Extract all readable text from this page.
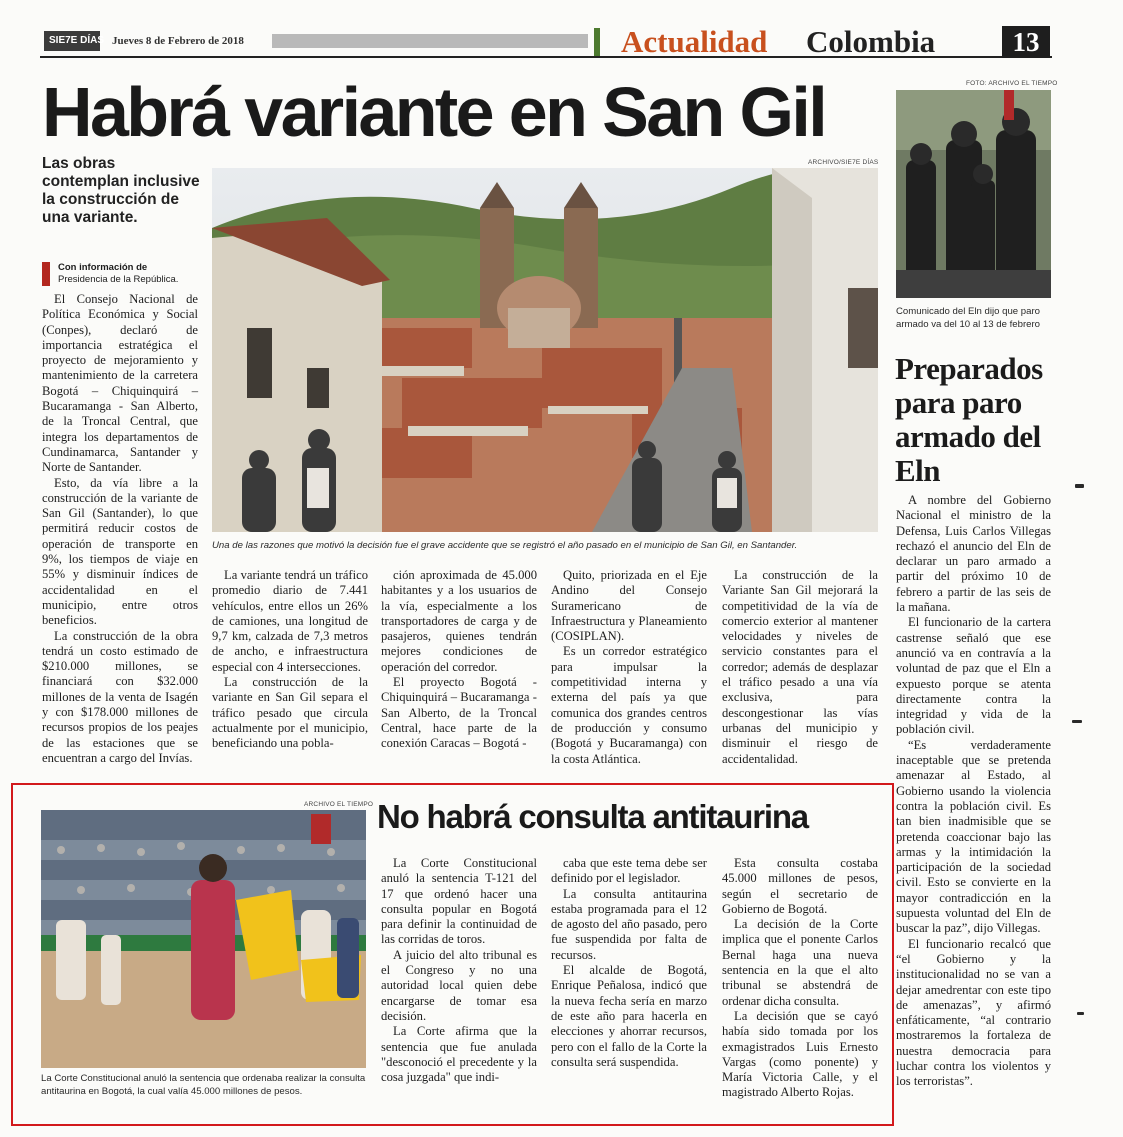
SIE7E DÍAS Jueves 8 de Febrero de 2018	Actualidad Colombia	13
Habrá variante en San Gil
Las obras contemplan inclusive la construcción de una variante.
Con información de
Presidencia de la República.
ARCHIVO/SIE7E DÍAS
Una de las razones que motivó la decisión fue el grave accidente que se registró el año pasado en el municipio de San Gil, en Santander.

El Consejo Nacional de Política Económica y Social (Conpes), declaró de importancia estratégica el proyecto de mejoramiento y mantenimiento de la carretera Bogotá – Chiquinquirá – Bucaramanga - San Alberto, de la Troncal Central, que integra los departamentos de Cundinamarca, Santander y Norte de Santander.

Esto, da vía libre a la construcción de la variante de San Gil (Santander), lo que permitirá reducir costos de operación de transporte en 9%, los tiempos de viaje en 55% y disminuir índices de accidentalidad en el municipio, entre otros beneficios.

La construcción de la obra tendrá un costo estimado de $210.000 millones, se financiará con $32.000 millones de la venta de Isagén y con $178.000 millones de recursos propios de los peajes de las estaciones que se encuentran a cargo del Invías.

La variante tendrá un tráfico promedio diario de 7.441 vehículos, entre ellos un 26% de camiones, una longitud de 9,7 km, calzada de 7,3 metros de ancho, e infraestructura especial con 4 intersecciones.

La construcción de la variante en San Gil separa el tráfico pesado que circula actualmente por el municipio, beneficiando una pobla-

ción aproximada de 45.000 habitantes y a los usuarios de la vía, especialmente a los transportadores de carga y de pasajeros, quienes tendrán mejores condiciones de operación del corredor.

El proyecto Bogotá - Chiquinquirá – Bucaramanga - San Alberto, de la Troncal Central, hace parte de la conexión Caracas – Bogotá -

Quito, priorizada en el Eje Andino del Consejo Suramericano de Infraestructura y Planeamiento (COSIPLAN).

Es un corredor estratégico para impulsar la competitividad interna y externa del país ya que comunica dos grandes centros de producción y consumo (Bogotá y Bucaramanga) con la costa Atlántica.

La construcción de la Variante San Gil mejorará la competitividad de la vía de comercio exterior al mantener velocidades y niveles de servicio constantes para el corredor; además de desplazar el tráfico pesado a una vía exclusiva, para descongestionar las vías urbanas del municipio y disminuir el riesgo de accidentalidad.

FOTO: ARCHIVO EL TIEMPO
Comunicado del Eln dijo que paro armado va del 10 al 13 de febrero
Preparados para paro armado del Eln

A nombre del Gobierno Nacional el ministro de la Defensa, Luis Carlos Villegas rechazó el anuncio del Eln de declarar un paro armado a partir del próximo 10 de febrero a partir de las seis de la mañana.

El funcionario de la cartera castrense señaló que ese anunció va en contravía a la voluntad de paz que el Eln a expuesto porque se atenta directamente contra la integridad y vida de la población civil.

“Es verdaderamente inaceptable que se pretenda amenazar al Estado, al Gobierno usando la violencia contra la población civil. Es tan bien inadmisible que se pretenda coaccionar bajo las armas y la intimidación la participación de la sociedad civil. Esto se convierte en la mayor contradicción en la supuesta voluntad del Eln de buscar la paz”, dijo Villegas.

El funcionario recalcó que “el Gobierno y la institucionalidad no se van a dejar amedrentar con este tipo de amenazas”, y afirmó enfáticamente, “al contrario mostraremos la fortaleza de nuestra democracia para luchar contra los violentos y los terroristas”.

No habrá consulta antitaurina
ARCHIVO EL TIEMPO
La Corte Constitucional anuló la sentencia que ordenaba realizar la consulta antitaurina en Bogotá, la cual valía 45.000 millones de pesos.

La Corte Constitucional anuló la sentencia T-121 del 17 que ordenó hacer una consulta popular en Bogotá para definir la continuidad de las corridas de toros.

A juicio del alto tribunal es el Congreso y no una autoridad local quien debe encargarse de tomar esa decisión.

La Corte afirma que la sentencia que fue anulada "desconoció el precedente y la cosa juzgada" que indi-

caba que este tema debe ser definido por el legislador.

La consulta antitaurina estaba programada para el 12 de agosto del año pasado, pero fue suspendida por falta de recursos.

El alcalde de Bogotá, Enrique Peñalosa, indicó que la nueva fecha sería en marzo de este año para hacerla en elecciones y ahorrar recursos, pero con el fallo de la Corte la consulta será suspendida.

Esta consulta costaba 45.000 millones de pesos, según el secretario de Gobierno de Bogotá.

La decisión de la Corte implica que el ponente Carlos Bernal haga una nueva sentencia en la que el alto tribunal se abstendrá de ordenar dicha consulta.

La decisión que se cayó había sido tomada por los exmagistrados Luis Ernesto Vargas (como ponente) y María Victoria Calle, y el magistrado Alberto Rojas.
